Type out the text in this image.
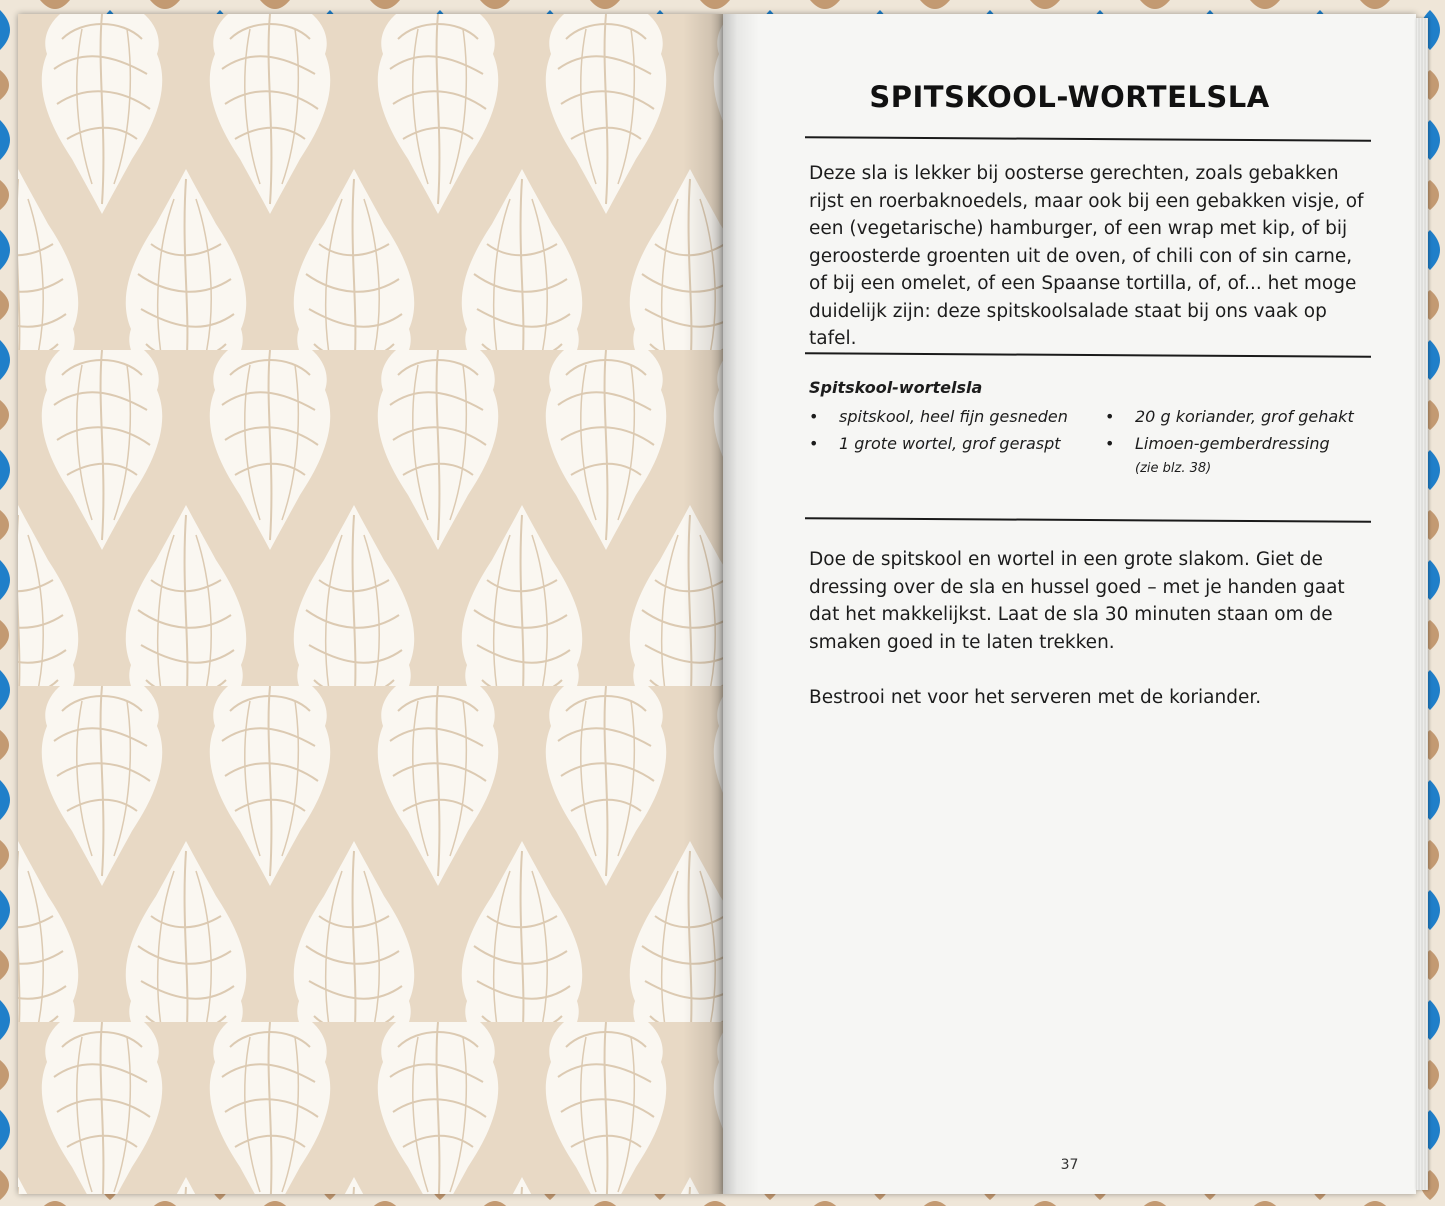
SPITSKOOL-WORTELSLA

Deze sla is lekker bij oosterse gerechten, zoals gebakken
rijst en roerbaknoedels, maar ook bij een gebakken visje, of
een (vegetarische) hamburger, of een wrap met kip, of bij
geroosterde groenten uit de oven, of chili con of sin carne,
of bij een omelet, of een Spaanse tortilla, of, of... het moge
duidelijk zijn: deze spitskoolsalade staat bij ons vaak op tafel.

Spitskool-wortelsla
• spitskool, heel fijn gesneden
• 1 grote wortel, grof geraspt
• 20 g koriander, grof gehakt
• Limoen-gemberdressing
(zie blz. 38)

Doe de spitskool en wortel in een grote slakom. Giet de dressing over de sla en hussel goed – met je handen gaat dat het makkelijkst. Laat de sla 30 minuten staan om de smaken goed in te laten trekken.

Bestrooi net voor het serveren met de koriander.

37
